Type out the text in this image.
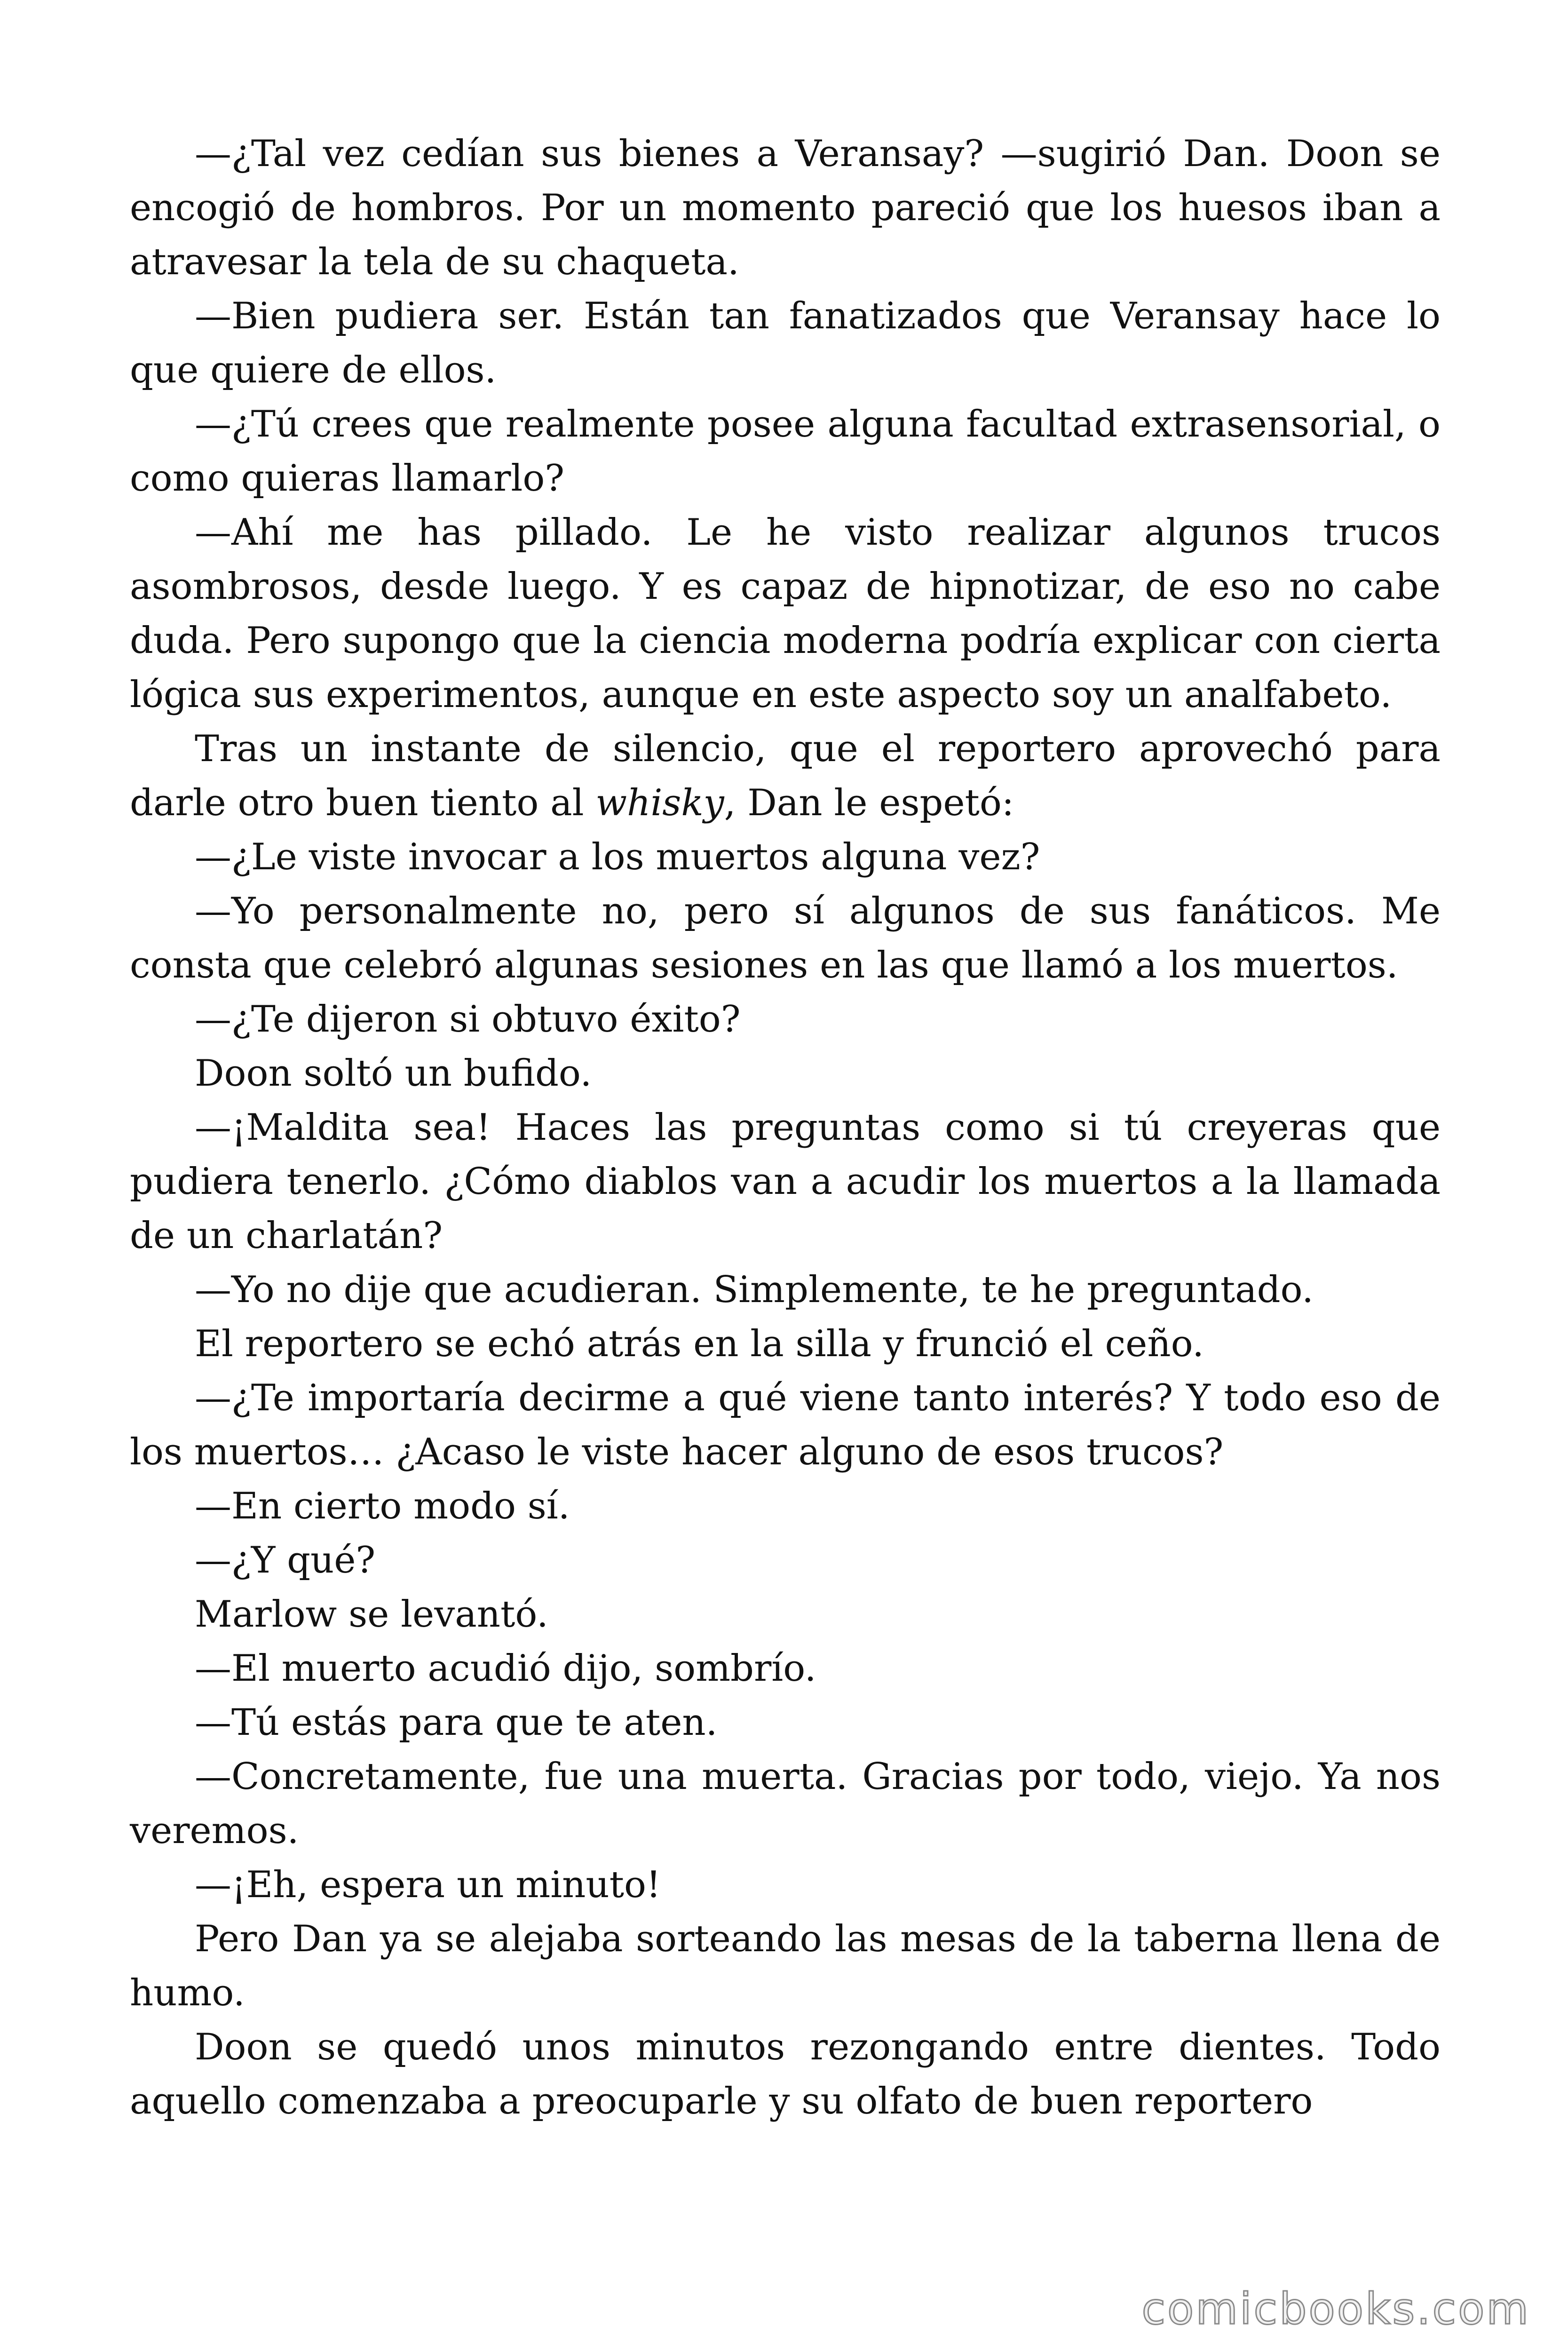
—¿Tal vez cedían sus bienes a Veransay? —sugirió Dan. Doon se encogió de hombros. Por un momento pareció que los huesos iban a atravesar la tela de su chaqueta.

—Bien pudiera ser. Están tan fanatizados que Veransay hace lo que quiere de ellos.

—¿Tú crees que realmente posee alguna facultad extrasensorial, o como quieras llamarlo?

—Ahí me has pillado. Le he visto realizar algunos trucos asombrosos, desde luego. Y es capaz de hipnotizar, de eso no cabe duda. Pero supongo que la ciencia moderna podría explicar con cierta lógica sus experimentos, aunque en este aspecto soy un analfabeto.

Tras un instante de silencio, que el reportero aprovechó para darle otro buen tiento al whisky, Dan le espetó:

—¿Le viste invocar a los muertos alguna vez?

—Yo personalmente no, pero sí algunos de sus fanáticos. Me consta que celebró algunas sesiones en las que llamó a los muertos.

—¿Te dijeron si obtuvo éxito?

Doon soltó un bufido.

—¡Maldita sea! Haces las preguntas como si tú creyeras que pudiera tenerlo. ¿Cómo diablos van a acudir los muertos a la llamada de un charlatán?

—Yo no dije que acudieran. Simplemente, te he preguntado.

El reportero se echó atrás en la silla y frunció el ceño.

—¿Te importaría decirme a qué viene tanto interés? Y todo eso de los muertos… ¿Acaso le viste hacer alguno de esos trucos?

—En cierto modo sí.

—¿Y qué?

Marlow se levantó.

—El muerto acudió dijo, sombrío.

—Tú estás para que te aten.

—Concretamente, fue una muerta. Gracias por todo, viejo. Ya nos veremos.

—¡Eh, espera un minuto!

Pero Dan ya se alejaba sorteando las mesas de la taberna llena de humo.

Doon se quedó unos minutos rezongando entre dientes. Todo aquello comenzaba a preocuparle y su olfato de buen reportero

comicbooks.com
